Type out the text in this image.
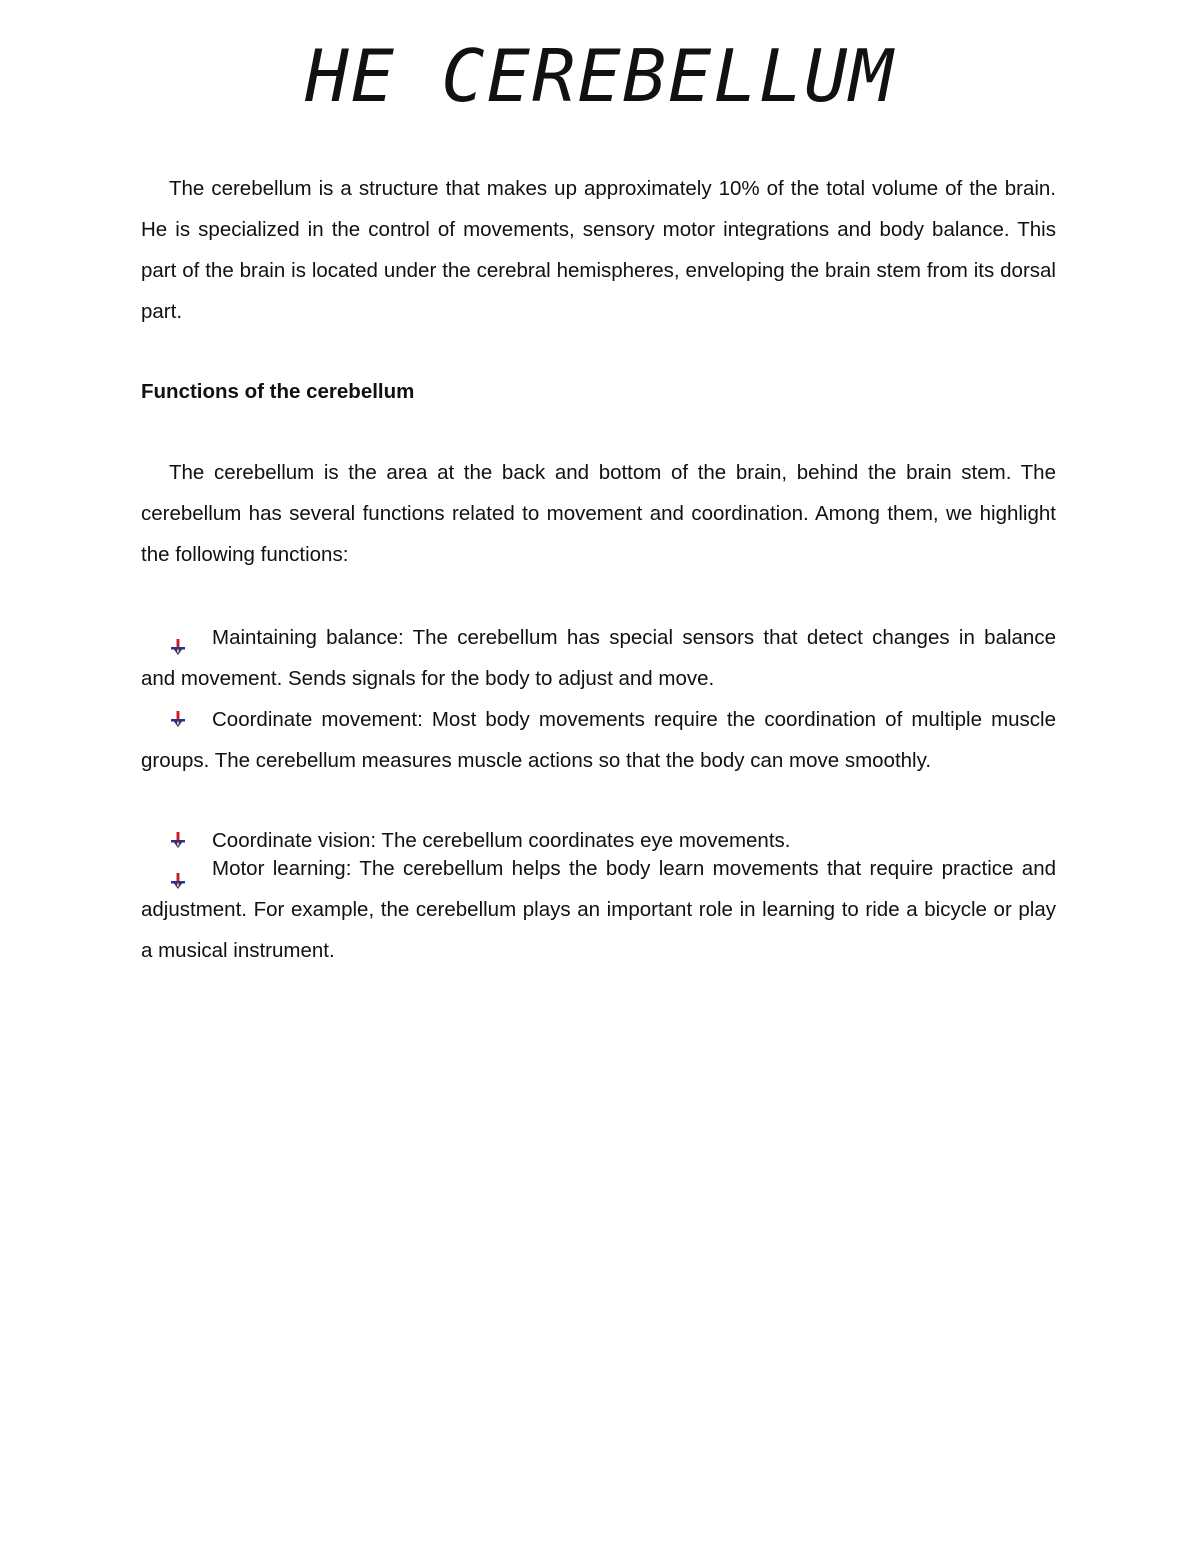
HE CEREBELLUM

The cerebellum is a structure that makes up approximately 10% of the total volume of the brain. He is specialized in the control of movements, sensory motor integrations and body balance. This part of the brain is located under the cerebral hemispheres, enveloping the brain stem from its dorsal part.

Functions of the cerebellum

The cerebellum is the area at the back and bottom of the brain, behind the brain stem. The cerebellum has several functions related to movement and coordination. Among them, we highlight the following functions:

Maintaining balance: The cerebellum has special sensors that detect changes in balance and movement. Sends signals for the body to adjust and move.

Coordinate movement: Most body movements require the coordination of multiple muscle groups. The cerebellum measures muscle actions so that the body can move smoothly.

Coordinate vision: The cerebellum coordinates eye movements.

Motor learning: The cerebellum helps the body learn movements that require practice and adjustment. For example, the cerebellum plays an important role in learning to ride a bicycle or play a musical instrument.
